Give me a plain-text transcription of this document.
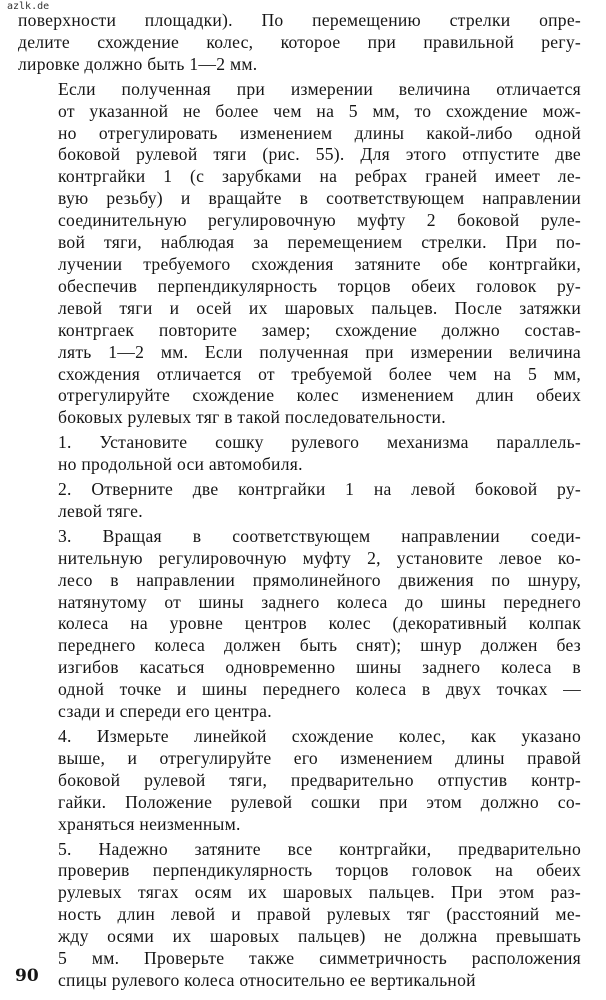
azlk.de

поверхности площадки). По перемещению стрелки опре-
делите схождение колес, которое при правильной регу-
лировке должно быть 1—2 мм.

Если полученная при измерении величина отличается
от указанной не более чем на 5 мм, то схождение мож-
но отрегулировать изменением длины какой-либо одной
боковой рулевой тяги (рис. 55). Для этого отпустите две
контргайки 1 (с зарубками на ребрах граней имеет ле-
вую резьбу) и вращайте в соответствующем направлении
соединительную регулировочную муфту 2 боковой руле-
вой тяги, наблюдая за перемещением стрелки. При по-
лучении требуемого схождения затяните обе контргайки,
обеспечив перпендикулярность торцов обеих головок ру-
левой тяги и осей их шаровых пальцев. После затяжки
контргаек повторите замер; схождение должно состав-
лять 1—2 мм. Если полученная при измерении величина
схождения отличается от требуемой более чем на 5 мм,
отрегулируйте схождение колес изменением длин обеих
боковых рулевых тяг в такой последовательности.

1. Установите сошку рулевого механизма параллель-
но продольной оси автомобиля.

2. Отверните две контргайки 1 на левой боковой ру-
левой тяге.

3. Вращая в соответствующем направлении соеди-
нительную регулировочную муфту 2, установите левое ко-
лесо в направлении прямолинейного движения по шнуру,
натянутому от шины заднего колеса до шины переднего
колеса на уровне центров колес (декоративный колпак
переднего колеса должен быть снят); шнур должен без
изгибов касаться одновременно шины заднего колеса в
одной точке и шины переднего колеса в двух точках —
сзади и спереди его центра.

4. Измерьте линейкой схождение колес, как указано
выше, и отрегулируйте его изменением длины правой
боковой рулевой тяги, предварительно отпустив контр-
гайки. Положение рулевой сошки при этом должно со-
храняться неизменным.

5. Надежно затяните все контргайки, предварительно
проверив перпендикулярность торцов головок на обеих
рулевых тягах осям их шаровых пальцев. При этом раз-
ность длин левой и правой рулевых тяг (расстояний ме-
жду осями их шаровых пальцев) не должна превышать
5 мм. Проверьте также симметричность расположения
спицы рулевого колеса относительно ее вертикальной

90
